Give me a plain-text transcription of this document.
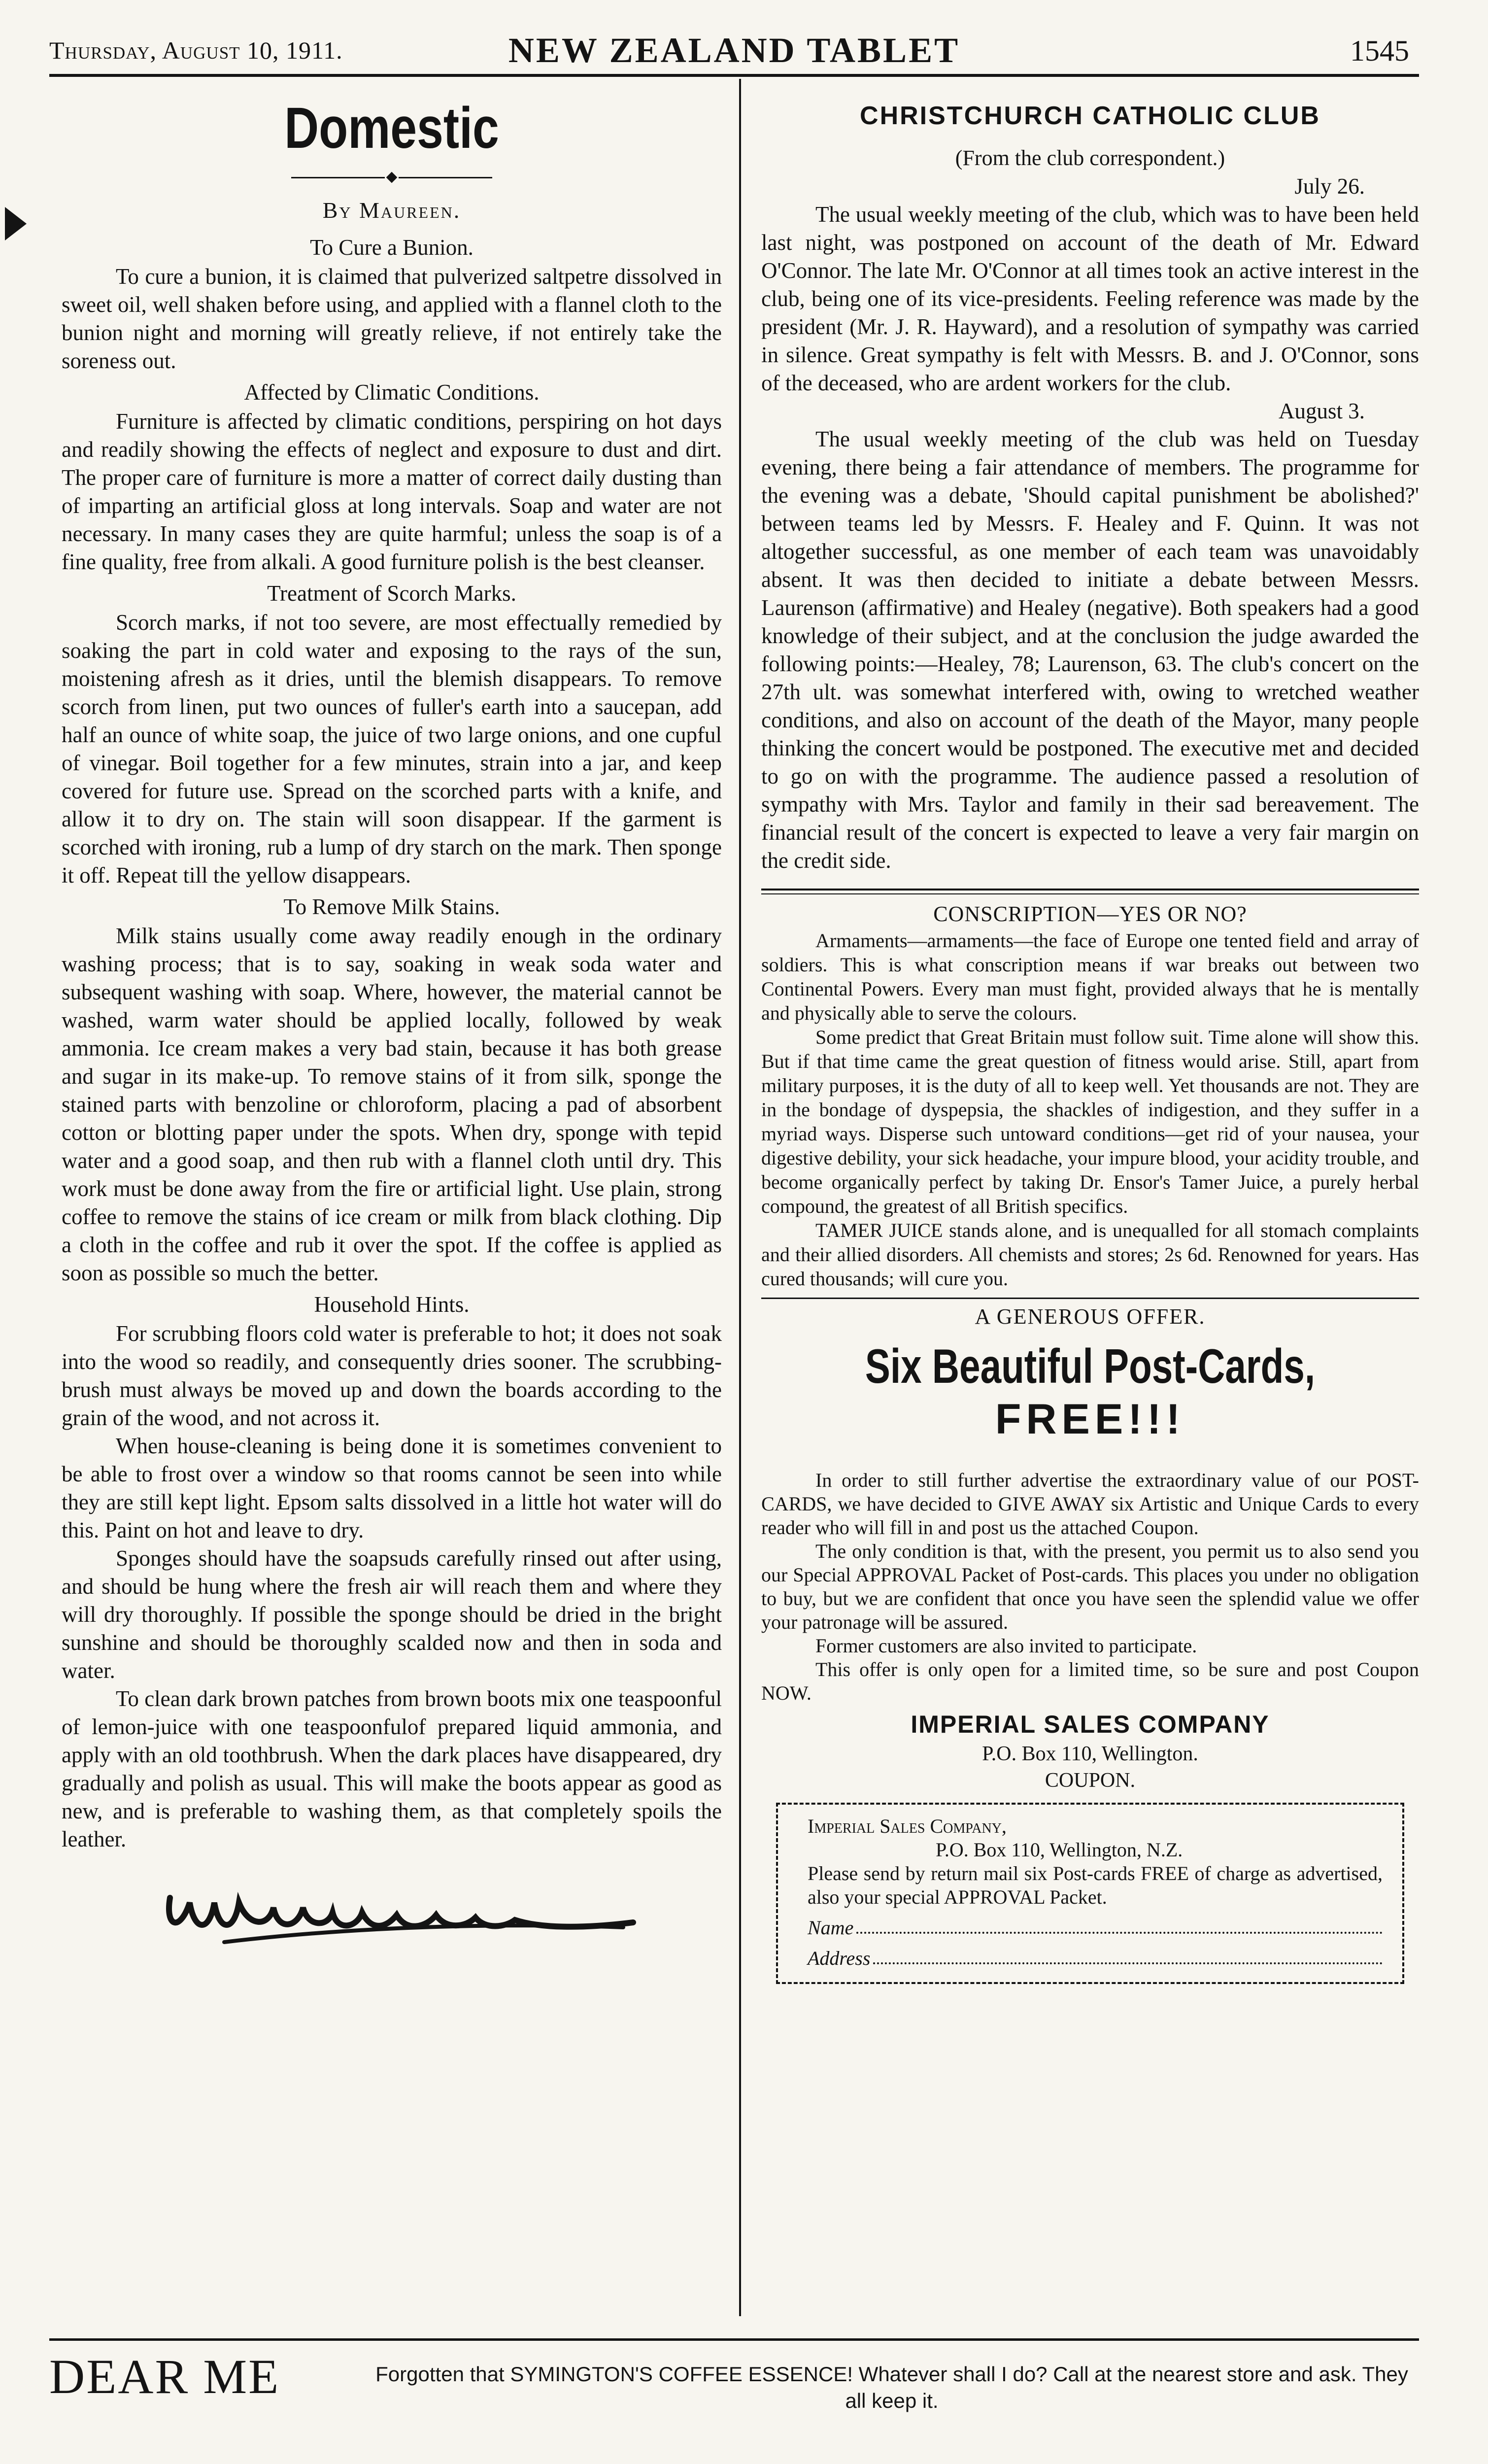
Thursday, August 10, 1911.	NEW ZEALAND TABLET	1545
Domestic
By Maureen.
To Cure a Bunion.

To cure a bunion, it is claimed that pulverized saltpetre dissolved in sweet oil, well shaken before using, and applied with a flannel cloth to the bunion night and morning will greatly relieve, if not entirely take the soreness out.

Affected by Climatic Conditions.

Furniture is affected by climatic conditions, perspiring on hot days and readily showing the effects of neglect and exposure to dust and dirt. The proper care of furniture is more a matter of correct daily dusting than of imparting an artificial gloss at long intervals. Soap and water are not necessary. In many cases they are quite harmful; unless the soap is of a fine quality, free from alkali. A good furniture polish is the best cleanser.

Treatment of Scorch Marks.

Scorch marks, if not too severe, are most effectually remedied by soaking the part in cold water and exposing to the rays of the sun, moistening afresh as it dries, until the blemish disappears. To remove scorch from linen, put two ounces of fuller's earth into a saucepan, add half an ounce of white soap, the juice of two large onions, and one cupful of vinegar. Boil together for a few minutes, strain into a jar, and keep covered for future use. Spread on the scorched parts with a knife, and allow it to dry on. The stain will soon disappear. If the garment is scorched with ironing, rub a lump of dry starch on the mark. Then sponge it off. Repeat till the yellow disappears.

To Remove Milk Stains.

Milk stains usually come away readily enough in the ordinary washing process; that is to say, soaking in weak soda water and subsequent washing with soap. Where, however, the material cannot be washed, warm water should be applied locally, followed by weak ammonia. Ice cream makes a very bad stain, because it has both grease and sugar in its make-up. To remove stains of it from silk, sponge the stained parts with benzoline or chloroform, placing a pad of absorbent cotton or blotting paper under the spots. When dry, sponge with tepid water and a good soap, and then rub with a flannel cloth until dry. This work must be done away from the fire or artificial light. Use plain, strong coffee to remove the stains of ice cream or milk from black clothing. Dip a cloth in the coffee and rub it over the spot. If the coffee is applied as soon as possible so much the better.

Household Hints.

For scrubbing floors cold water is preferable to hot; it does not soak into the wood so readily, and consequently dries sooner. The scrubbing-brush must always be moved up and down the boards according to the grain of the wood, and not across it.

When house-cleaning is being done it is sometimes convenient to be able to frost over a window so that rooms cannot be seen into while they are still kept light. Epsom salts dissolved in a little hot water will do this. Paint on hot and leave to dry.

Sponges should have the soapsuds carefully rinsed out after using, and should be hung where the fresh air will reach them and where they will dry thoroughly. If possible the sponge should be dried in the bright sunshine and should be thoroughly scalded now and then in soda and water.

To clean dark brown patches from brown boots mix one teaspoonful of lemon-juice with one teaspoonfulof prepared liquid ammonia, and apply with an old toothbrush. When the dark places have disappeared, dry gradually and polish as usual. This will make the boots appear as good as new, and is preferable to washing them, as that completely spoils the leather.

CHRISTCHURCH CATHOLIC CLUB
(From the club correspondent.)
July 26.

The usual weekly meeting of the club, which was to have been held last night, was postponed on account of the death of Mr. Edward O'Connor. The late Mr. O'Connor at all times took an active interest in the club, being one of its vice-presidents. Feeling reference was made by the president (Mr. J. R. Hayward), and a resolution of sympathy was carried in silence. Great sympathy is felt with Messrs. B. and J. O'Connor, sons of the deceased, who are ardent workers for the club.

August 3.

The usual weekly meeting of the club was held on Tuesday evening, there being a fair attendance of members. The programme for the evening was a debate, 'Should capital punishment be abolished?' between teams led by Messrs. F. Healey and F. Quinn. It was not altogether successful, as one member of each team was unavoidably absent. It was then decided to initiate a debate between Messrs. Laurenson (affirmative) and Healey (negative). Both speakers had a good knowledge of their subject, and at the conclusion the judge awarded the following points:—Healey, 78; Laurenson, 63. The club's concert on the 27th ult. was somewhat interfered with, owing to wretched weather conditions, and also on account of the death of the Mayor, many people thinking the concert would be postponed. The executive met and decided to go on with the programme. The audience passed a resolution of sympathy with Mrs. Taylor and family in their sad bereavement. The financial result of the concert is expected to leave a very fair margin on the credit side.

CONSCRIPTION—YES OR NO?

Armaments—armaments—the face of Europe one tented field and array of soldiers. This is what conscription means if war breaks out between two Continental Powers. Every man must fight, provided always that he is mentally and physically able to serve the colours.

Some predict that Great Britain must follow suit. Time alone will show this. But if that time came the great question of fitness would arise. Still, apart from military purposes, it is the duty of all to keep well. Yet thousands are not. They are in the bondage of dyspepsia, the shackles of indigestion, and they suffer in a myriad ways. Disperse such untoward conditions—get rid of your nausea, your digestive debility, your sick headache, your impure blood, your acidity trouble, and become organically perfect by taking Dr. Ensor's Tamer Juice, a purely herbal compound, the greatest of all British specifics.

TAMER JUICE stands alone, and is unequalled for all stomach complaints and their allied disorders. All chemists and stores; 2s 6d. Renowned for years. Has cured thousands; will cure you.

A GENEROUS OFFER.
Six Beautiful Post-Cards,
FREE!!!

In order to still further advertise the extraordinary value of our POST-CARDS, we have decided to GIVE AWAY six Artistic and Unique Cards to every reader who will fill in and post us the attached Coupon.

The only condition is that, with the present, you permit us to also send you our Special APPROVAL Packet of Post-cards. This places you under no obligation to buy, but we are confident that once you have seen the splendid value we offer your patronage will be assured.

Former customers are also invited to participate.

This offer is only open for a limited time, so be sure and post Coupon NOW.

IMPERIAL SALES COMPANY
P.O. Box 110, Wellington.
COUPON.
Imperial Sales Company,
P.O. Box 110, Wellington, N.Z.

Please send by return mail six Post-cards FREE of charge as advertised, also your special APPROVAL Packet.

Name
Address
DEAR ME	Forgotten that SYMINGTON'S COFFEE ESSENCE! Whatever shall I do? Call at the nearest store and ask. They all keep it.
